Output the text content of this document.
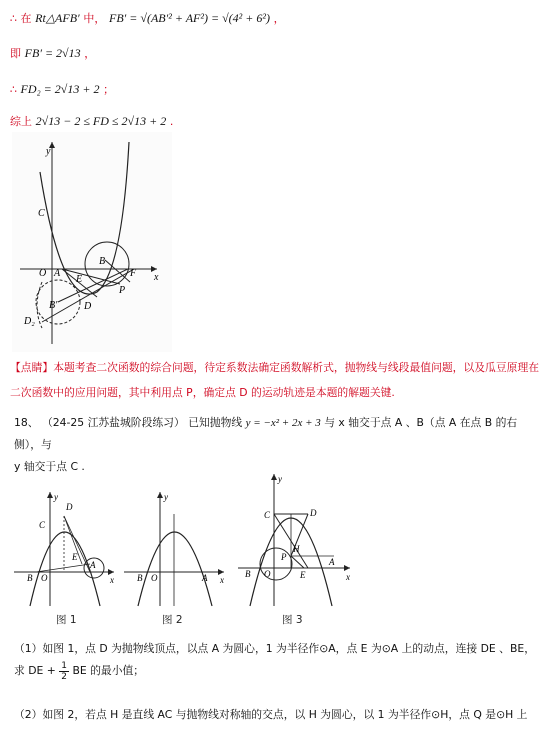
∴ 在 Rt△AFB′ 中， FB′ = √(AB′² + AF²) = √(4² + 6²) ，
即 FB′ = 2√13 ，
∴ FD₂ = 2√13 + 2 ；
综上 2√13 − 2 ≤ FD ≤ 2√13 + 2 .
y
C
O A
E
B
F x
P
B′
D₂
D
【点睛】本题考查二次函数的综合问题，待定系数法确定函数解析式，抛物线与线段最值问题，以及瓜豆原理在二次函数中的应用问题，其中利用点 P，确定点 D 的运动轨迹是本题的解题关键.
18、 （24-25 江苏盐城阶段练习） 已知抛物线 y = −x² + 2x + 3 与 x 轴交于点 A 、B（点 A 在点 B 的右侧），与
y 轴交于点 C .
y
C
D
E
B O
A
x
图 1
y
B O	A x
图 2
y
C	D
P
B O
H
E
A
x
图 3
（1）如图 1，点 D 为抛物线顶点，以点 A 为圆心，1 为半径作⊙A，点 E 为⊙A 上的动点，连接 DE 、BE，
求 DE + $\frac{1}{2}$ BE 的最小值；
（2）如图 2，若点 H 是直线 AC 与抛物线对称轴的交点，以 H 为圆心，以 1 为半径作⊙H，点 Q 是⊙H 上
